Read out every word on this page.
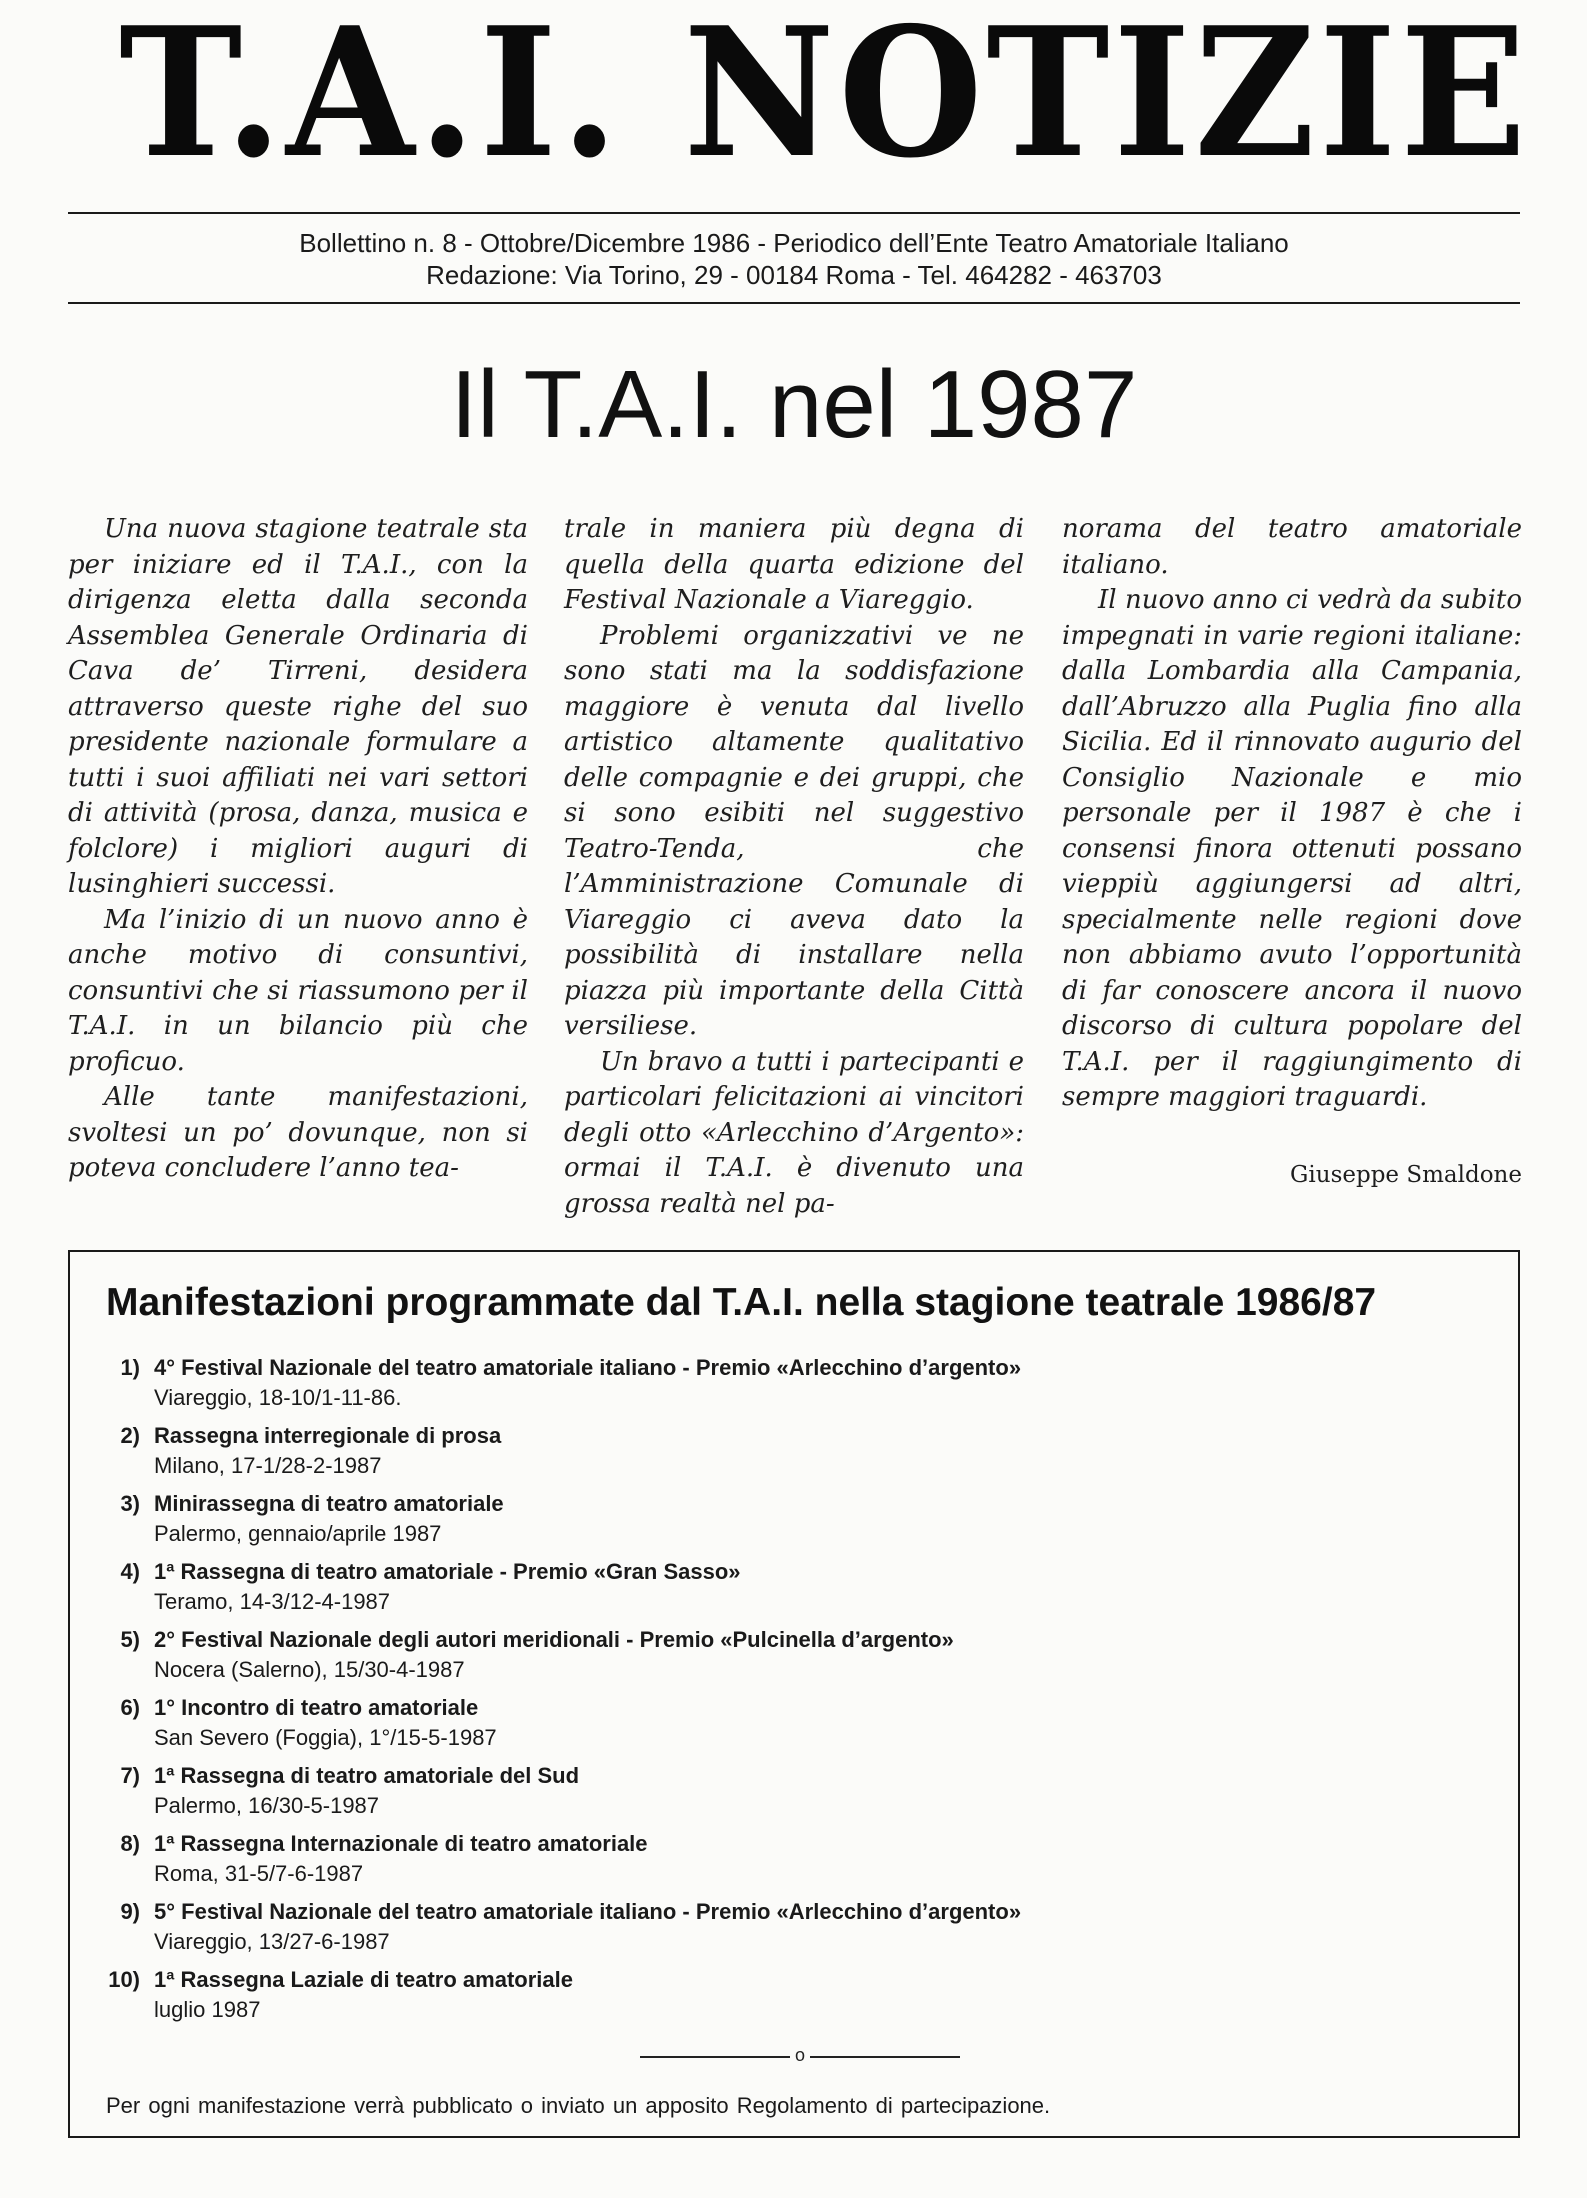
T.A.I. NOTIZIE
Bollettino n. 8 - Ottobre/Dicembre 1986 - Periodico dell’Ente Teatro Amatoriale Italiano
Redazione: Via Torino, 29 - 00184 Roma - Tel. 464282 - 463703
Il T.A.I. nel 1987

Una nuova stagione teatrale sta per iniziare ed il T.A.I., con la dirigenza eletta dalla seconda Assemblea Generale Ordinaria di Cava de’ Tirreni, desidera attraverso queste righe del suo presidente nazionale formulare a tutti i suoi affiliati nei vari settori di attività (prosa, danza, musica e folclore) i migliori auguri di lusinghieri successi.

Ma l’inizio di un nuovo anno è anche motivo di consuntivi, consuntivi che si riassumono per il T.A.I. in un bilancio più che proficuo.

Alle tante manifestazioni, svoltesi un po’ dovunque, non si poteva concludere l’anno tea-

trale in maniera più degna di quella della quarta edizione del Festival Nazionale a Viareggio.

Problemi organizzativi ve ne sono stati ma la soddisfazione maggiore è venuta dal livello artistico altamente qualitativo delle compagnie e dei gruppi, che si sono esibiti nel suggestivo Teatro-Tenda, che l’Amministrazione Comunale di Viareggio ci aveva dato la possibilità di installare nella piazza più importante della Città versiliese.

Un bravo a tutti i partecipanti e particolari felicitazioni ai vincitori degli otto «Arlecchino d’Argento»: ormai il T.A.I. è divenuto una grossa realtà nel pa-

norama del teatro amatoriale italiano.

Il nuovo anno ci vedrà da subito impegnati in varie regioni italiane: dalla Lombardia alla Campania, dall’Abruzzo alla Puglia fino alla Sicilia. Ed il rinnovato augurio del Consiglio Nazionale e mio personale per il 1987 è che i consensi finora ottenuti possano vieppiù aggiungersi ad altri, specialmente nelle regioni dove non abbiamo avuto l’opportunità di far conoscere ancora il nuovo discorso di cultura popolare del T.A.I. per il raggiungimento di sempre maggiori traguardi.

Giuseppe Smaldone
Manifestazioni programmate dal T.A.I. nella stagione teatrale 1986/87
1) 4° Festival Nazionale del teatro amatoriale italiano - Premio «Arlecchino d’argento»
Viareggio, 18-10/1-11-86.
2) Rassegna interregionale di prosa
Milano, 17-1/28-2-1987
3) Minirassegna di teatro amatoriale
Palermo, gennaio/aprile 1987
4) 1ª Rassegna di teatro amatoriale - Premio «Gran Sasso»
Teramo, 14-3/12-4-1987
5) 2° Festival Nazionale degli autori meridionali - Premio «Pulcinella d’argento»
Nocera (Salerno), 15/30-4-1987
6) 1° Incontro di teatro amatoriale
San Severo (Foggia), 1°/15-5-1987
7) 1ª Rassegna di teatro amatoriale del Sud
Palermo, 16/30-5-1987
8) 1ª Rassegna Internazionale di teatro amatoriale
Roma, 31-5/7-6-1987
9) 5° Festival Nazionale del teatro amatoriale italiano - Premio «Arlecchino d’argento»
Viareggio, 13/27-6-1987
10) 1ª Rassegna Laziale di teatro amatoriale
luglio 1987
o
Per ogni manifestazione verrà pubblicato o inviato un apposito Regolamento di partecipazione.
